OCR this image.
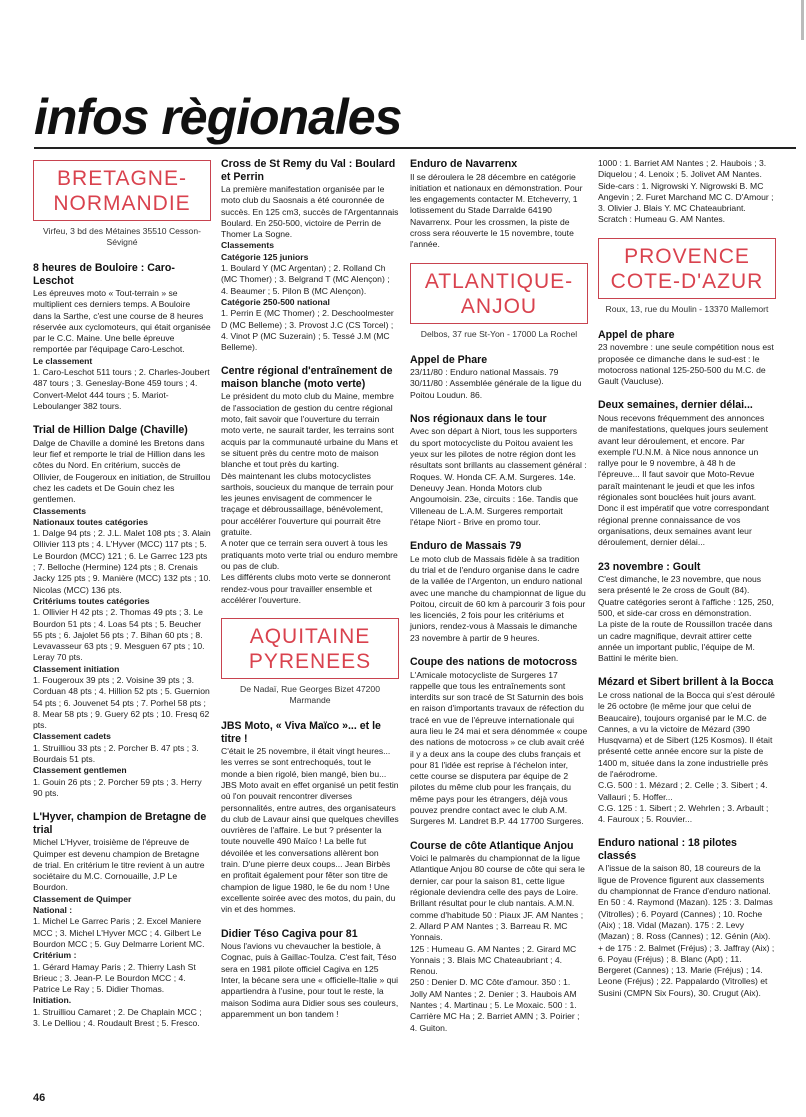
infos règionales
BRETAGNE-NORMANDIE
Virfeu, 3 bd des Métaines 35510 Cesson-Sévigné
8 heures de Bouloire : Caro-Leschot

Les épreuves moto « Tout-terrain » se multiplient ces derniers temps. A Bouloire dans la Sarthe, c'est une course de 8 heures réservée aux cyclomoteurs, qui était organisée par le C.C. Maine. Une belle épreuve remportée par l'équipage Caro-Leschot.

Le classement

1. Caro-Leschot 511 tours ; 2. Charles-Joubert 487 tours ; 3. Geneslay-Bone 459 tours ; 4. Convert-Melot 444 tours ; 5. Mariot-Leboulanger 382 tours.

Trial de Hillion Dalge (Chaville)

Dalge de Chaville a dominé les Bretons dans leur fief et remporte le trial de Hillion dans les côtes du Nord. En critérium, succès de Ollivier, de Fougeroux en initiation, de Struillou chez les cadets et De Gouin chez les gentlemen.

Classements

Nationaux toutes catégories

1. Dalge 94 pts ; 2. J.L. Malet 108 pts ; 3. Alain Ollivier 113 pts ; 4. L'Hyver (MCC) 117 pts ; 5. Le Bourdon (MCC) 121 ; 6. Le Garrec 123 pts ; 7. Belloche (Hermine) 124 pts ; 8. Crenais Jacky 125 pts ; 9. Manière (MCC) 132 pts ; 10. Nicolas (MCC) 136 pts.

Critériums toutes catégories

1. Ollivier H 42 pts ; 2. Thomas 49 pts ; 3. Le Bourdon 51 pts ; 4. Loas 54 pts ; 5. Beucher 55 pts ; 6. Jajolet 56 pts ; 7. Bihan 60 pts ; 8. Levavasseur 63 pts ; 9. Mesguen 67 pts ; 10. Leray 70 pts.

Classement initiation

1. Fougeroux 39 pts ; 2. Voisine 39 pts ; 3. Corduan 48 pts ; 4. Hillion 52 pts ; 5. Guernion 54 pts ; 6. Jouvenet 54 pts ; 7. Porhel 58 pts ; 8. Mear 58 pts ; 9. Guery 62 pts ; 10. Fresq 62 pts.

Classement cadets

1. Struilliou 33 pts ; 2. Porcher B. 47 pts ; 3. Bourdais 51 pts.

Classement gentlemen

1. Gouin 26 pts ; 2. Porcher 59 pts ; 3. Herry 90 pts.

L'Hyver, champion de Bretagne de trial

Michel L'Hyver, troisième de l'épreuve de Quimper est devenu champion de Bretagne de trial. En critérium le titre revient à un autre sociétaire du M.C. Cornouaille, J.P Le Bourdon.

Classement de Quimper

National :

1. Michel Le Garrec Paris ; 2. Excel Maniere MCC ; 3. Michel L'Hyver MCC ; 4. Gilbert Le Bourdon MCC ; 5. Guy Delmarre Lorient MC.

Critérium :

1. Gérard Hamay Paris ; 2. Thierry Lash St Brieuc ; 3. Jean-P. Le Bourdon MCC ; 4. Patrice Le Ray ; 5. Didier Thomas.

Initiation.

1. Struilliou Camaret ; 2. De Chaplain MCC ; 3. Le Delliou ; 4. Roudault Brest ; 5. Fresco.

Cross de St Remy du Val : Boulard et Perrin

La première manifestation organisée par le moto club du Saosnais a été couronnée de succès. En 125 cm3, succès de l'Argentannais Boulard. En 250-500, victoire de Perrin de Thomer La Sogne.

Classements

Catégorie 125 juniors

1. Boulard Y (MC Argentan) ; 2. Rolland Ch (MC Thomer) ; 3. Belgrand T (MC Alençon) ; 4. Beaumer ; 5. Pilon B (MC Alençon).

Catégorie 250-500 national

1. Perrin E (MC Thomer) ; 2. Deschoolmester D (MC Belleme) ; 3. Provost J.C (CS Torcel) ; 4. Vinot P (MC Suzerain) ; 5. Tessé J.M (MC Belleme).

Centre régional d'entraînement de maison blanche (moto verte)

Le président du moto club du Maine, membre de l'association de gestion du centre régional moto, fait savoir que l'ouverture du terrain moto verte, ne saurait tarder, les terrains sont acquis par la communauté urbaine du Mans et se situent près du centre moto de maison blanche et tout près du karting.

Dès maintenant les clubs motocyclistes sarthois, soucieux du manque de terrain pour les jeunes envisagent de commencer le traçage et débroussaillage, bénévolement, pour accélérer l'ouverture qui pourrait être gratuite.

A noter que ce terrain sera ouvert à tous les pratiquants moto verte trial ou enduro membre ou pas de club.

Les différents clubs moto verte se donneront rendez-vous pour travailler ensemble et accélérer l'ouverture.

AQUITAINE PYRENEES
De Nadaï, Rue Georges Bizet 47200 Marmande
JBS Moto, « Viva Maïco »... et le titre !

C'était le 25 novembre, il était vingt heures... les verres se sont entrechoqués, tout le monde a bien rigolé, bien mangé, bien bu... JBS Moto avait en effet organisé un petit festin où l'on pouvait rencontrer diverses personnalités, entre autres, des organisateurs du club de Lavaur ainsi que quelques chevilles ouvrières de l'affaire. Le but ? présenter la toute nouvelle 490 Maïco ! La belle fut dévoilée et les conversations allèrent bon train. D'une pierre deux coups... Jean Birbès en profitait également pour fêter son titre de champion de ligue 1980, le 6e du nom ! Une excellente soirée avec des motos, du pain, du vin et des hommes.

Didier Téso Cagiva pour 81

Nous l'avions vu chevaucher la bestiole, à Cognac, puis à Gaillac-Toulza. C'est fait, Téso sera en 1981 pilote officiel Cagiva en 125 Inter, la bécane sera une « officielle-Italie » qui appartiendra à l'usine, pour tout le reste, la maison Sodima aura Didier sous ses couleurs, apparemment un bon tandem !

Enduro de Navarrenx

Il se déroulera le 28 décembre en catégorie initiation et nationaux en démonstration. Pour les engagements contacter M. Etcheverry, 1 lotissement du Stade Darralde 64190 Navarrenx. Pour les crossmen, la piste de cross sera réouverte le 15 novembre, toute l'année.

ATLANTIQUE-ANJOU
Delbos, 37 rue St-Yon - 17000 La Rochel
Appel de Phare

23/11/80 : Enduro national Massais. 79 30/11/80 : Assemblée générale de la ligue du Poitou Loudun. 86.

Nos régionaux dans le tour

Avec son départ à Niort, tous les supporters du sport motocycliste du Poitou avaient les yeux sur les pilotes de notre région dont les résultats sont brillants au classement général : Roques. W. Honda CF. A.M. Surgeres. 14e. Deneuvy Jean. Honda Motors club Angoumoisin. 23e, circuits : 16e. Tandis que Villeneau de L.A.M. Surgeres remportait l'étape Niort - Brive en promo tour.

Enduro de Massais 79

Le moto club de Massais fidèle à sa tradition du trial et de l'enduro organise dans le cadre de la vallée de l'Argenton, un enduro national avec une manche du championnat de ligue du Poitou, circuit de 60 km à parcourir 3 fois pour les licenciés, 2 fois pour les critériums et juniors, rendez-vous à Massais le dimanche 23 novembre à partir de 9 heures.

Coupe des nations de motocross

L'Amicale motocycliste de Surgeres 17 rappelle que tous les entraînements sont interdits sur son tracé de St Saturnin des bois en raison d'importants travaux de réfection du tracé en vue de l'épreuve internationale qui aura lieu le 24 mai et sera dénommée « coupe des nations de motocross » ce club avait créé il y a deux ans la coupe des clubs français et pour 81 l'idée est reprise à l'échelon inter, cette course se disputera par équipe de 2 pilotes du même club pour les français, du même pays pour les étrangers, déjà vous pouvez prendre contact avec le club A.M. Surgeres M. Landret B.P. 44 17700 Surgeres.

Course de côte Atlantique Anjou

Voici le palmarès du championnat de la ligue Atlantique Anjou 80 course de côte qui sera le dernier, car pour la saison 81, cette ligue régionale deviendra celle des pays de Loire. Brillant résultat pour le club nantais. A.M.N. comme d'habitude 50 : Piaux JF. AM Nantes ; 2. Allard P AM Nantes ; 3. Barreau R. MC Yonnais.

125 : Humeau G. AM Nantes ; 2. Girard MC Yonnais ; 3. Blais MC Chateaubriant ; 4. Renou.

250 : Denier D. MC Côte d'amour. 350 : 1. Jolly AM Nantes ; 2. Denier ; 3. Haubois AM Nantes ; 4. Martinau ; 5. Le Moxaic. 500 : 1. Carrière MC Ha ; 2. Barriet AMN ; 3. Poirier ; 4. Guiton.

1000 : 1. Barriet AM Nantes ; 2. Haubois ; 3. Diquelou ; 4. Lenoix ; 5. Jolivet AM Nantes. Side-cars : 1. Nigrowski Y. Nigrowski B. MC Angevin ; 2. Furet Marchand MC C. D'Amour ; 3. Olivier J. Blais Y. MC Chateaubriant. Scratch : Humeau G. AM Nantes.

PROVENCE COTE-D'AZUR
Roux, 13, rue du Moulin - 13370 Mallemort
Appel de phare

23 novembre : une seule compétition nous est proposée ce dimanche dans le sud-est : le motocross national 125-250-500 du M.C. de Gault (Vaucluse).

Deux semaines, dernier délai...

Nous recevons fréquemment des annonces de manifestations, quelques jours seulement avant leur déroulement, et encore. Par exemple l'U.N.M. à Nice nous annonce un rallye pour le 9 novembre, à 48 h de l'épreuve... Il faut savoir que Moto-Revue paraît maintenant le jeudi et que les infos régionales sont bouclées huit jours avant. Donc il est impératif que votre correspondant régional prenne connaissance de vos organisations, deux semaines avant leur déroulement, dernier délai...

23 novembre : Goult

C'est dimanche, le 23 novembre, que nous sera présenté le 2e cross de Goult (84). Quatre catégories seront à l'affiche : 125, 250, 500, et side-car cross en démonstration.

La piste de la route de Roussillon tracée dans un cadre magnifique, devrait attirer cette année un important public, l'équipe de M. Battini le mérite bien.

Mézard et Sibert brillent à la Bocca

Le cross national de la Bocca qui s'est déroulé le 26 octobre (le même jour que celui de Beaucaire), toujours organisé par le M.C. de Cannes, a vu la victoire de Mézard (390 Husqvarna) et de Sibert (125 Kosmos). Il était présenté cette année encore sur la piste de 1400 m, située dans la zone industrielle près de l'aérodrome.

C.G. 500 : 1. Mézard ; 2. Celle ; 3. Sibert ; 4. Vallauri ; 5. Hoffer...

C.G. 125 : 1. Sibert ; 2. Wehrlen ; 3. Arbault ; 4. Fauroux ; 5. Rouvier...

Enduro national : 18 pilotes classés

A l'issue de la saison 80, 18 coureurs de la ligue de Provence figurent aux classements du championnat de France d'enduro national.

En 50 : 4. Raymond (Mazan). 125 : 3. Dalmas (Vitrolles) ; 6. Poyard (Cannes) ; 10. Roche (Aix) ; 18. Vidal (Mazan). 175 : 2. Levy (Mazan) ; 8. Ross (Cannes) ; 12. Génin (Aix). + de 175 : 2. Balmet (Fréjus) ; 3. Jaffray (Aix) ; 6. Poyau (Fréjus) ; 8. Blanc (Apt) ; 11. Bergeret (Cannes) ; 13. Marie (Fréjus) ; 14. Leone (Fréjus) ; 22. Pappalardo (Vitrolles) et Susini (CMPN Six Fours), 30. Crugut (Aix).

46
